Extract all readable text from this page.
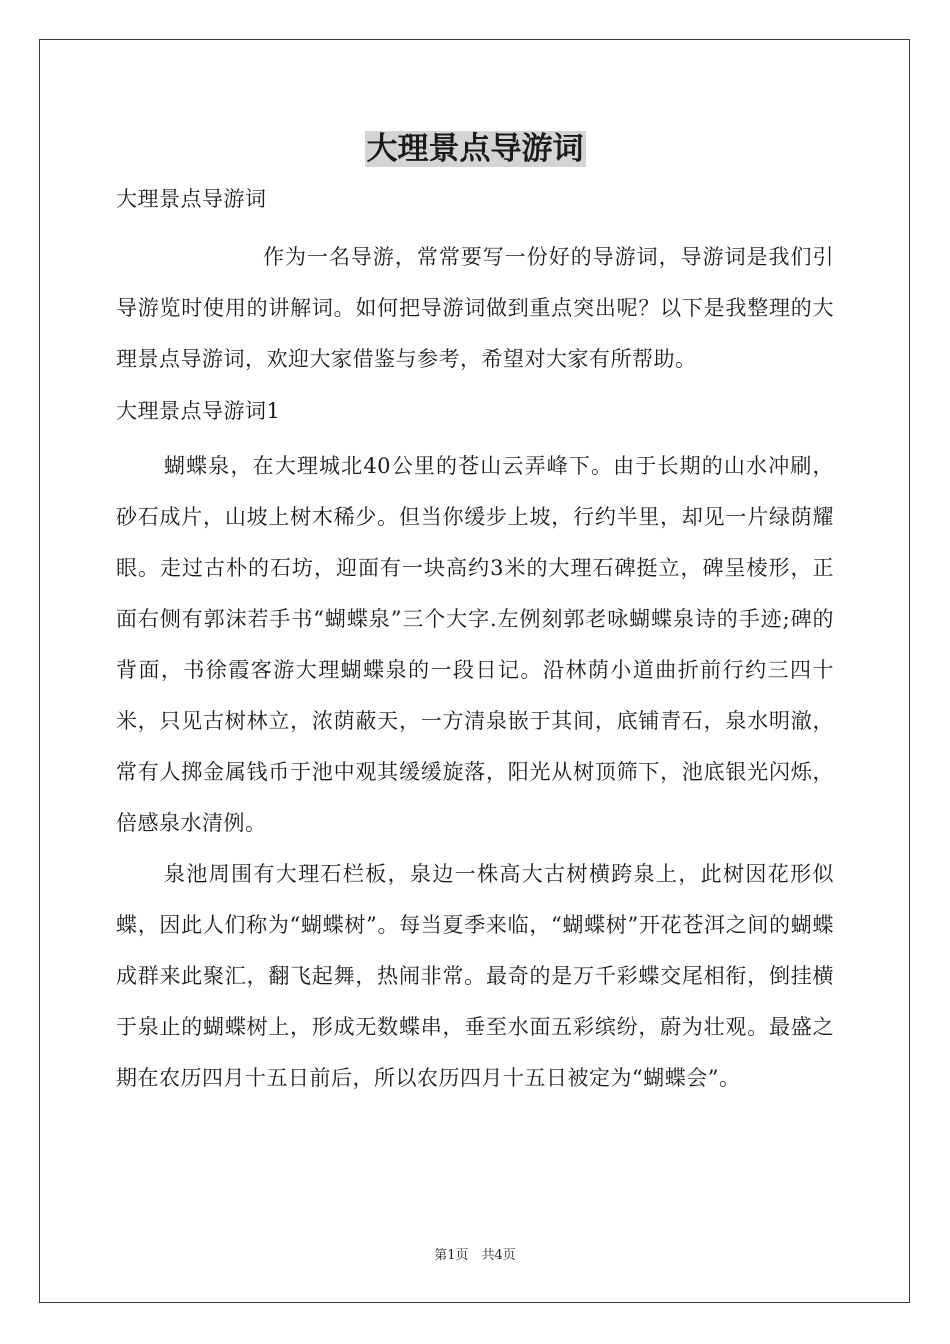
大理景点导游词

大理景点导游词

作为一名导游，常常要写一份好的导游词，导游词是我们引导游览时使用的讲解词。如何把导游词做到重点突出呢？以下是我整理的大理景点导游词，欢迎大家借鉴与参考，希望对大家有所帮助。

大理景点导游词1

蝴蝶泉，在大理城北40公里的苍山云弄峰下。由于长期的山水冲刷，砂石成片，山坡上树木稀少。但当你缓步上坡，行约半里，却见一片绿荫耀眼。走过古朴的石坊，迎面有一块高约3米的大理石碑挺立，碑呈棱形，正面右侧有郭沫若手书“蝴蝶泉”三个大字.左例刻郭老咏蝴蝶泉诗的手迹;碑的背面，书徐霞客游大理蝴蝶泉的一段日记。沿林荫小道曲折前行约三四十米，只见古树林立，浓荫蔽天，一方清泉嵌于其间，底铺青石，泉水明澈，常有人掷金属钱币于池中观其缓缓旋落，阳光从树顶筛下，池底银光闪烁，倍感泉水清例。

泉池周围有大理石栏板，泉边一株高大古树横跨泉上，此树因花形似蝶，因此人们称为“蝴蝶树”。每当夏季来临，“蝴蝶树”开花苍洱之间的蝴蝶成群来此聚汇，翻飞起舞，热闹非常。最奇的是万千彩蝶交尾相衔，倒挂横于泉止的蝴蝶树上，形成无数蝶串，垂至水面五彩缤纷，蔚为壮观。最盛之期在农历四月十五日前后，所以农历四月十五日被定为“蝴蝶会”。

第1页　共4页
